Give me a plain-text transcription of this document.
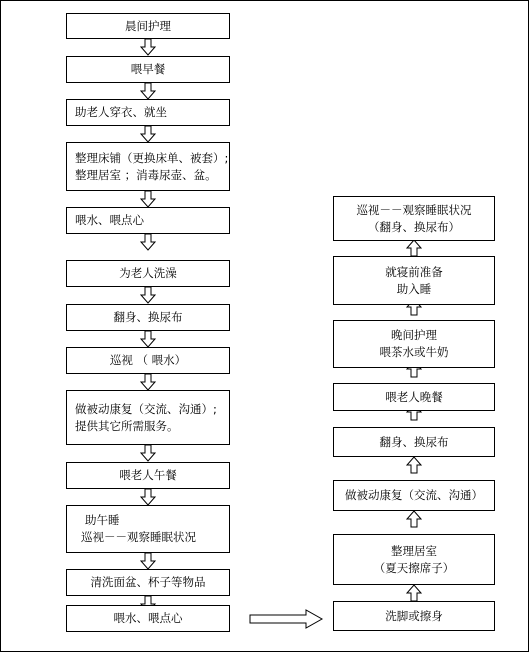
晨间护理
喂早餐
助老人穿衣、就坐
整理床铺（更换床单、被套）;
整理居室 ；消毒尿壶、盆。
喂水、喂点心
为老人洗澡
翻身、换尿布
巡视 （ 喂水）
做被动康复（交流、沟通）;
提供其它所需服务。
喂老人午餐
助午睡
巡视－－观察睡眠状况
清洗面盆、杯子等物品
喂水、喂点心
巡视－－观察睡眠状况
（翻身、换尿布）
就寝前准备
助入睡
晚间护理
喂茶水或牛奶
喂老人晚餐
翻身、换尿布
做被动康复（交流、沟通）
整理居室
（夏天擦席子）
洗脚或擦身
